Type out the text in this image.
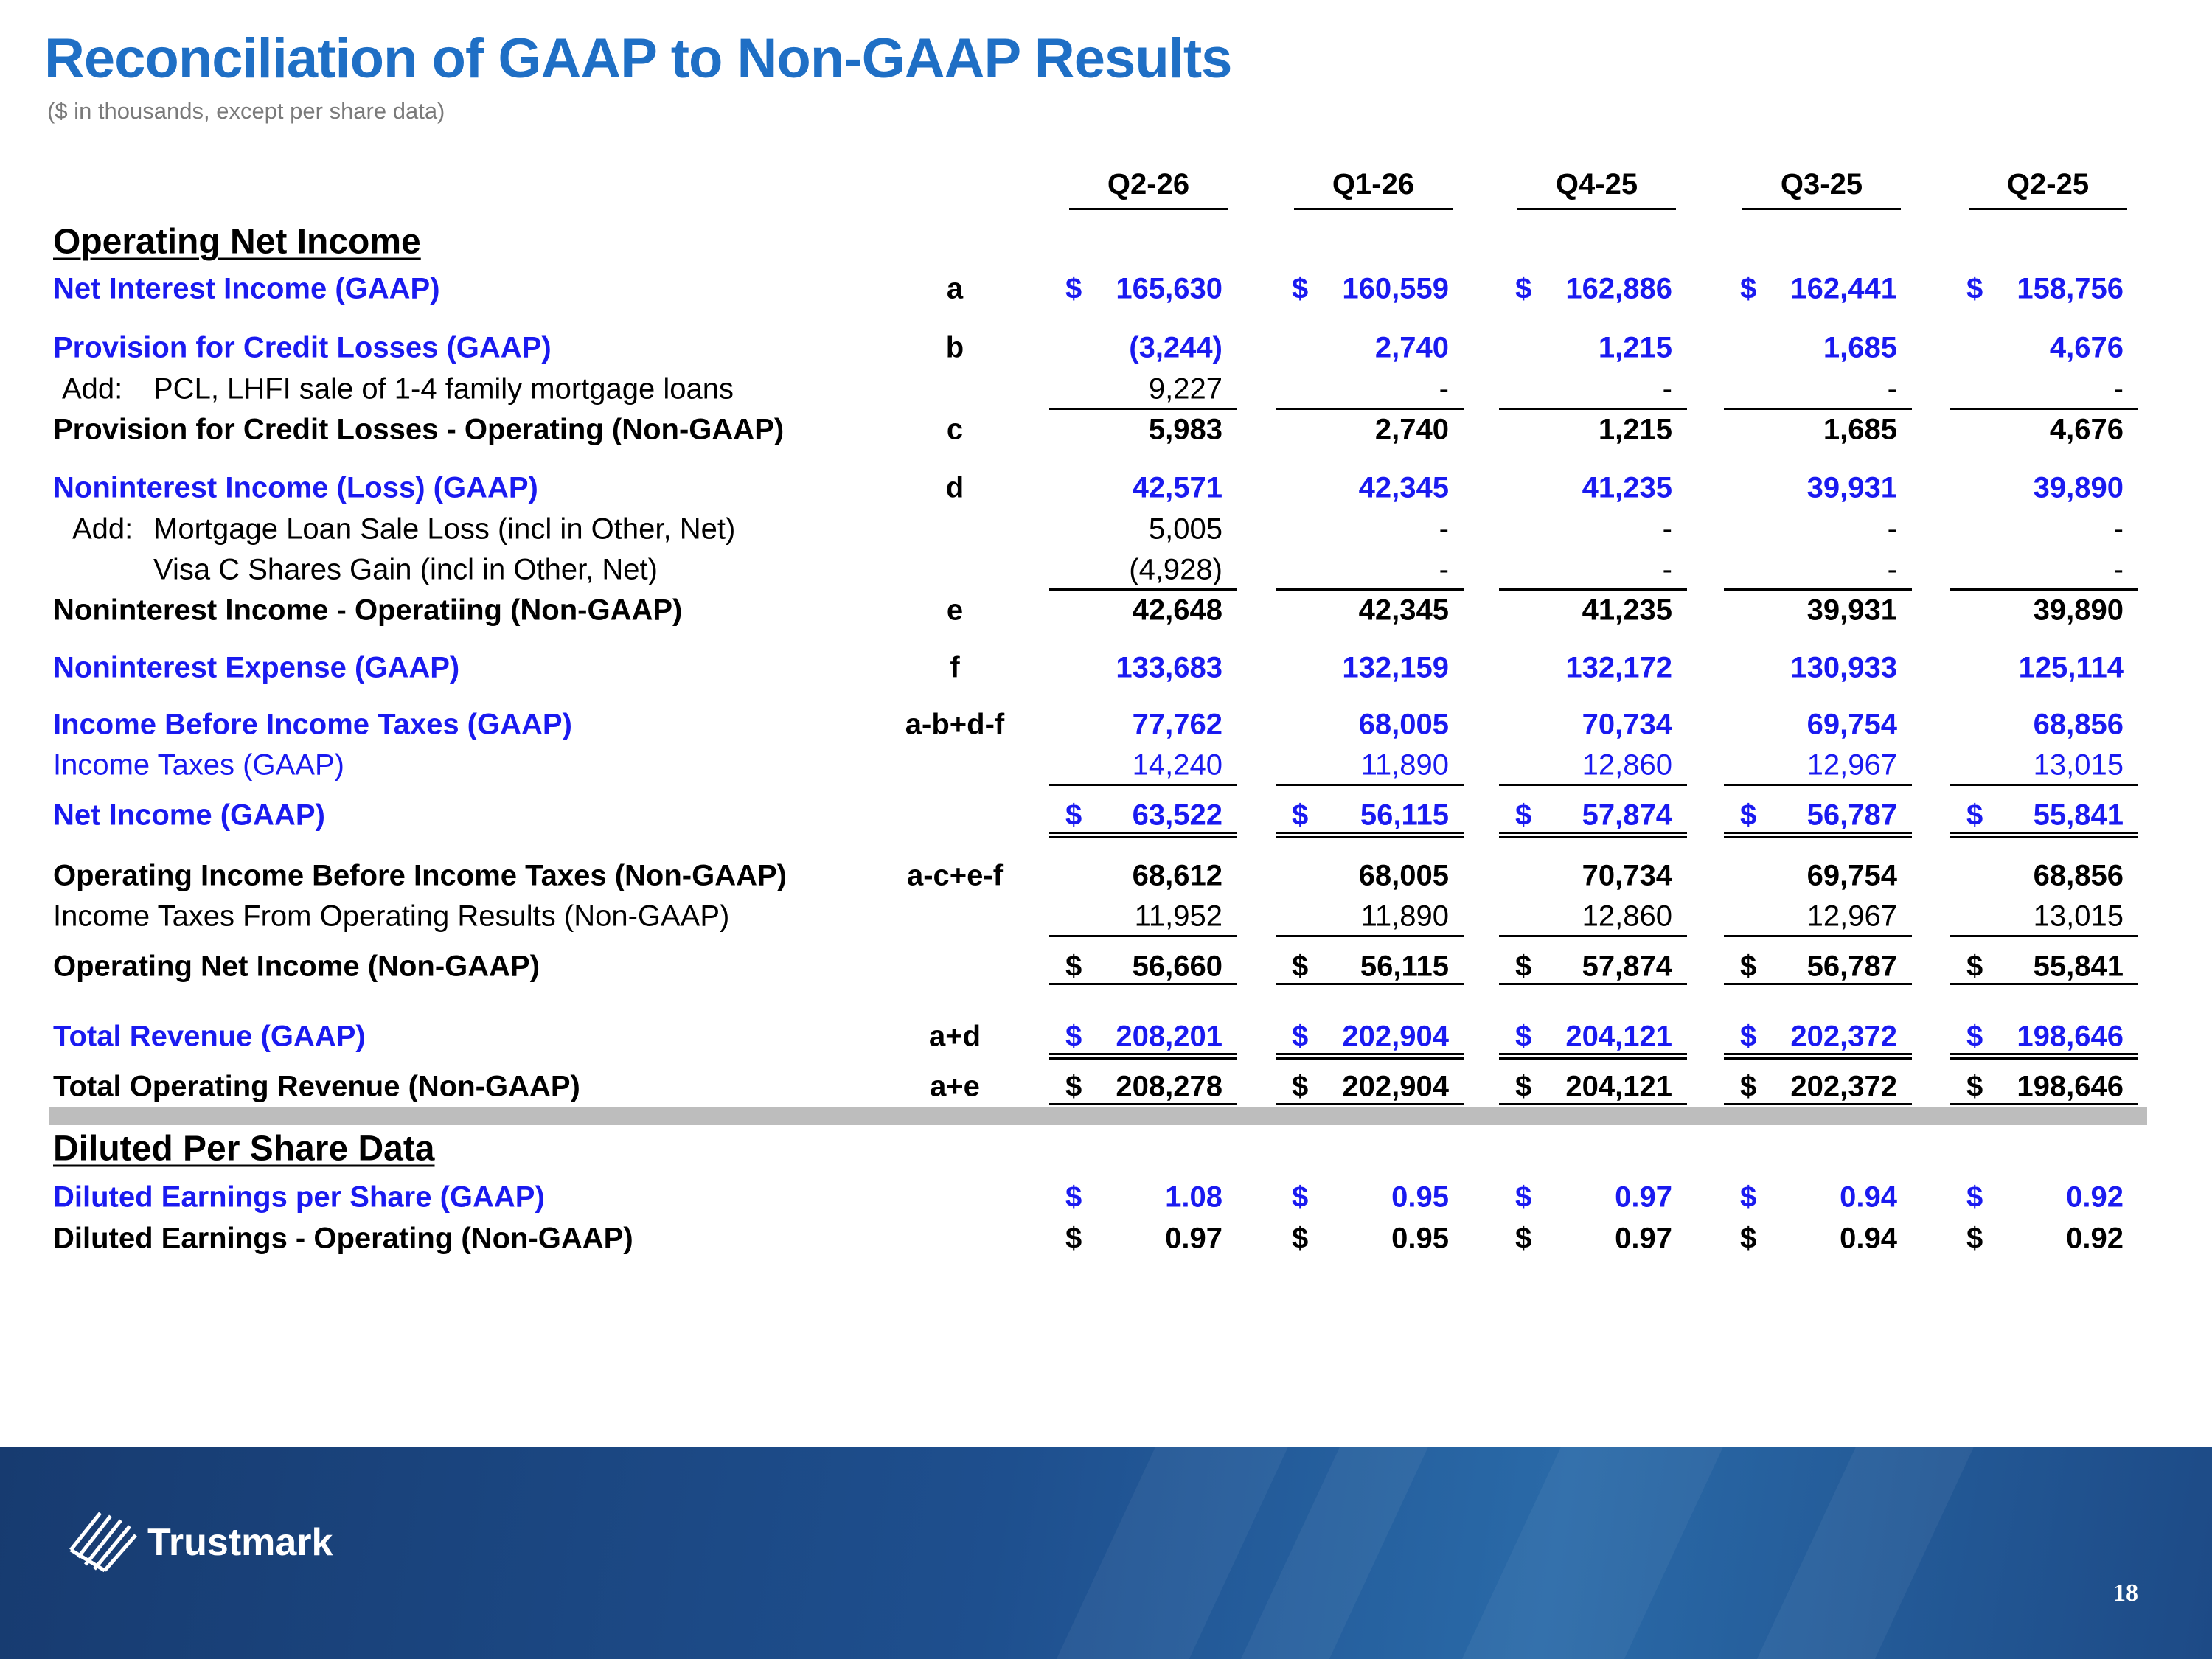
Reconciliation of GAAP to Non-GAAP Results
($ in thousands, except per share data)
Q2-26	Q1-26	Q4-25	Q3-25	Q2-25
Operating Net Income
Net Interest Income (GAAP)	a	$ 165,630 $ 160,559 $ 162,886 $ 162,441 $ 158,756
Provision for Credit Losses (GAAP)	b	(3,244)	2,740	1,215	1,685	4,676
Add: PCL, LHFI sale of 1-4 family mortgage loans	9,227	-	-	-	-
Provision for Credit Losses - Operating (Non-GAAP)	c	5,983	2,740	1,215	1,685	4,676
Noninterest Income (Loss) (GAAP)	d	42,571	42,345	41,235	39,931	39,890
Add: Mortgage Loan Sale Loss (incl in Other, Net)	5,005	-	-	-	-
Visa C Shares Gain (incl in Other, Net)	(4,928)	-	-	-	-
Noninterest Income - Operatiing (Non-GAAP)	e	42,648	42,345	41,235	39,931	39,890
Noninterest Expense (GAAP)	f	133,683	132,159	132,172	130,933	125,114
Income Before Income Taxes (GAAP)	a-b+d-f	77,762	68,005	70,734	69,754	68,856
Income Taxes (GAAP)	14,240	11,890	12,860	12,967	13,015
Net Income (GAAP)	$ 63,522 $ 56,115 $ 57,874 $ 56,787 $ 55,841
Operating Income Before Income Taxes (Non-GAAP)	a-c+e-f	68,612	68,005	70,734	69,754	68,856
Income Taxes From Operating Results (Non-GAAP)	11,952	11,890	12,860	12,967	13,015
Operating Net Income (Non-GAAP)	$ 56,660 $ 56,115 $ 57,874 $ 56,787 $ 55,841
Total Revenue (GAAP)	a+d	$ 208,201 $ 202,904 $ 204,121 $ 202,372 $ 198,646
Total Operating Revenue (Non-GAAP)	a+e	$ 208,278 $ 202,904 $ 204,121 $ 202,372 $ 198,646
Diluted Earnings per Share (GAAP)	$	1.08 $	0.95 $	0.97 $	0.94 $	0.92
Diluted Earnings - Operating (Non-GAAP)	$	0.97 $	0.95 $	0.97 $	0.94 $	0.92
Diluted Per Share Data
Trustmark
18
